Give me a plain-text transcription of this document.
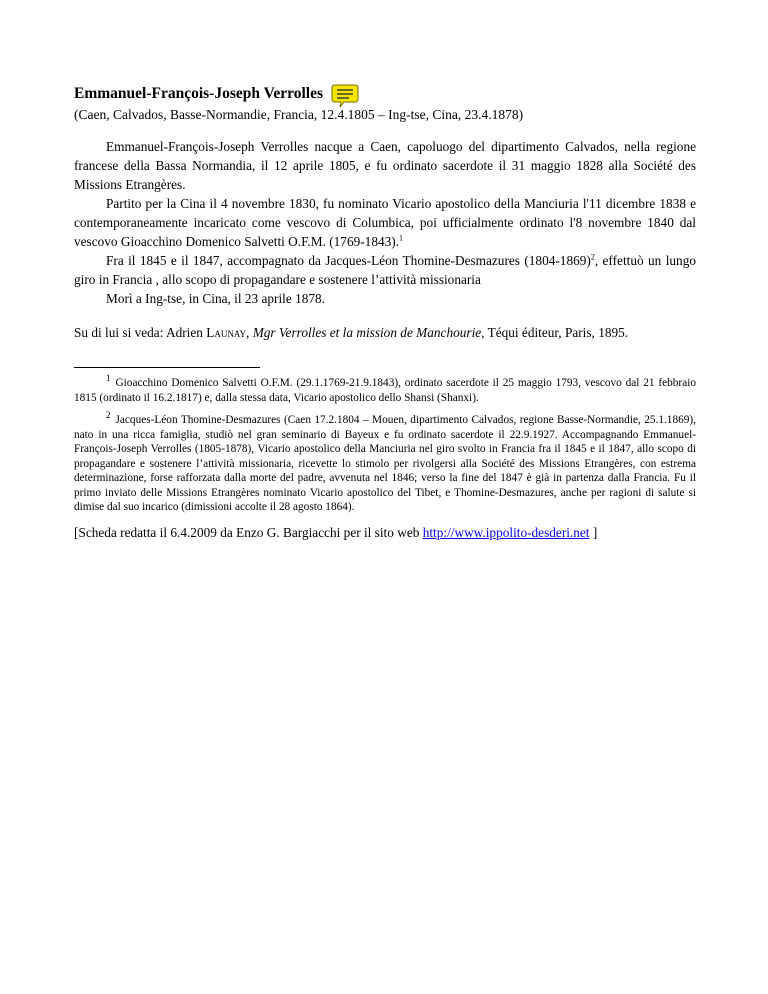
Emmanuel-François-Joseph Verrolles
(Caen, Calvados, Basse-Normandie, Francia, 12.4.1805 – Ing-tse, Cina, 23.4.1878)

Emmanuel-François-Joseph Verrolles nacque a Caen, capoluogo del dipartimento Calvados, nella regione francese della Bassa Normandia, il 12 aprile 1805, e fu ordinato sacerdote il 31 maggio 1828 alla Société des Missions Etrangères.

Partito per la Cina il 4 novembre 1830, fu nominato Vicario apostolico della Manciuria l'11 dicembre 1838 e contemporaneamente incaricato come vescovo di Columbica, poi ufficialmente ordinato l'8 novembre 1840 dal vescovo Gioacchino Domenico Salvetti O.F.M. (1769-1843).$^1$

Fra il 1845 e il 1847, accompagnato da Jacques-Léon Thomine-Desmazures (1804-1869)$^2$, effettuò un lungo giro in Francia , allo scopo di propagandare e sostenere l’attività missionaria

Morì a Ing-tse, in Cina, il 23 aprile 1878.

Su di lui si veda: Adrien Launay, Mgr Verrolles et la mission de Manchourie, Téqui éditeur, Paris, 1895.

$^1$ Gioacchino Domenico Salvetti O.F.M. (29.1.1769-21.9.1843), ordinato sacerdote il 25 maggio 1793, vescovo dal 21 febbraio 1815 (ordinato il 16.2.1817) e, dalla stessa data, Vicario apostolico dello Shansi (Shanxi).

$^2$ Jacques-Léon Thomine-Desmazures (Caen 17.2.1804 – Mouen, dipartimento Calvados, regione Basse-Normandie, 25.1.1869), nato in una ricca famiglia, studiò nel gran seminario di Bayeux e fu ordinato sacerdote il 22.9.1927. Accompagnando Emmanuel-François-Joseph Verrolles (1805-1878), Vicario apostolico della Manciuria nel giro svolto in Francia fra il 1845 e il 1847, allo scopo di propagandare e sostenere l’attività missionaria, ricevette lo stimolo per rivolgersi alla Société des Missions Etrangères, con estrema determinazione, forse rafforzata dalla morte del padre, avvenuta nel 1846; verso la fine del 1847 è già in partenza dalla Francia. Fu il primo inviato delle Missions Etrangères nominato Vicario apostolico del Tibet, e Thomine-Desmazures, anche per ragioni di salute si dimise dal suo incarico (dimissioni accolte il 28 agosto 1864).

[Scheda redatta il 6.4.2009 da Enzo G. Bargiacchi per il sito web http://www.ippolito-desderi.net ]
